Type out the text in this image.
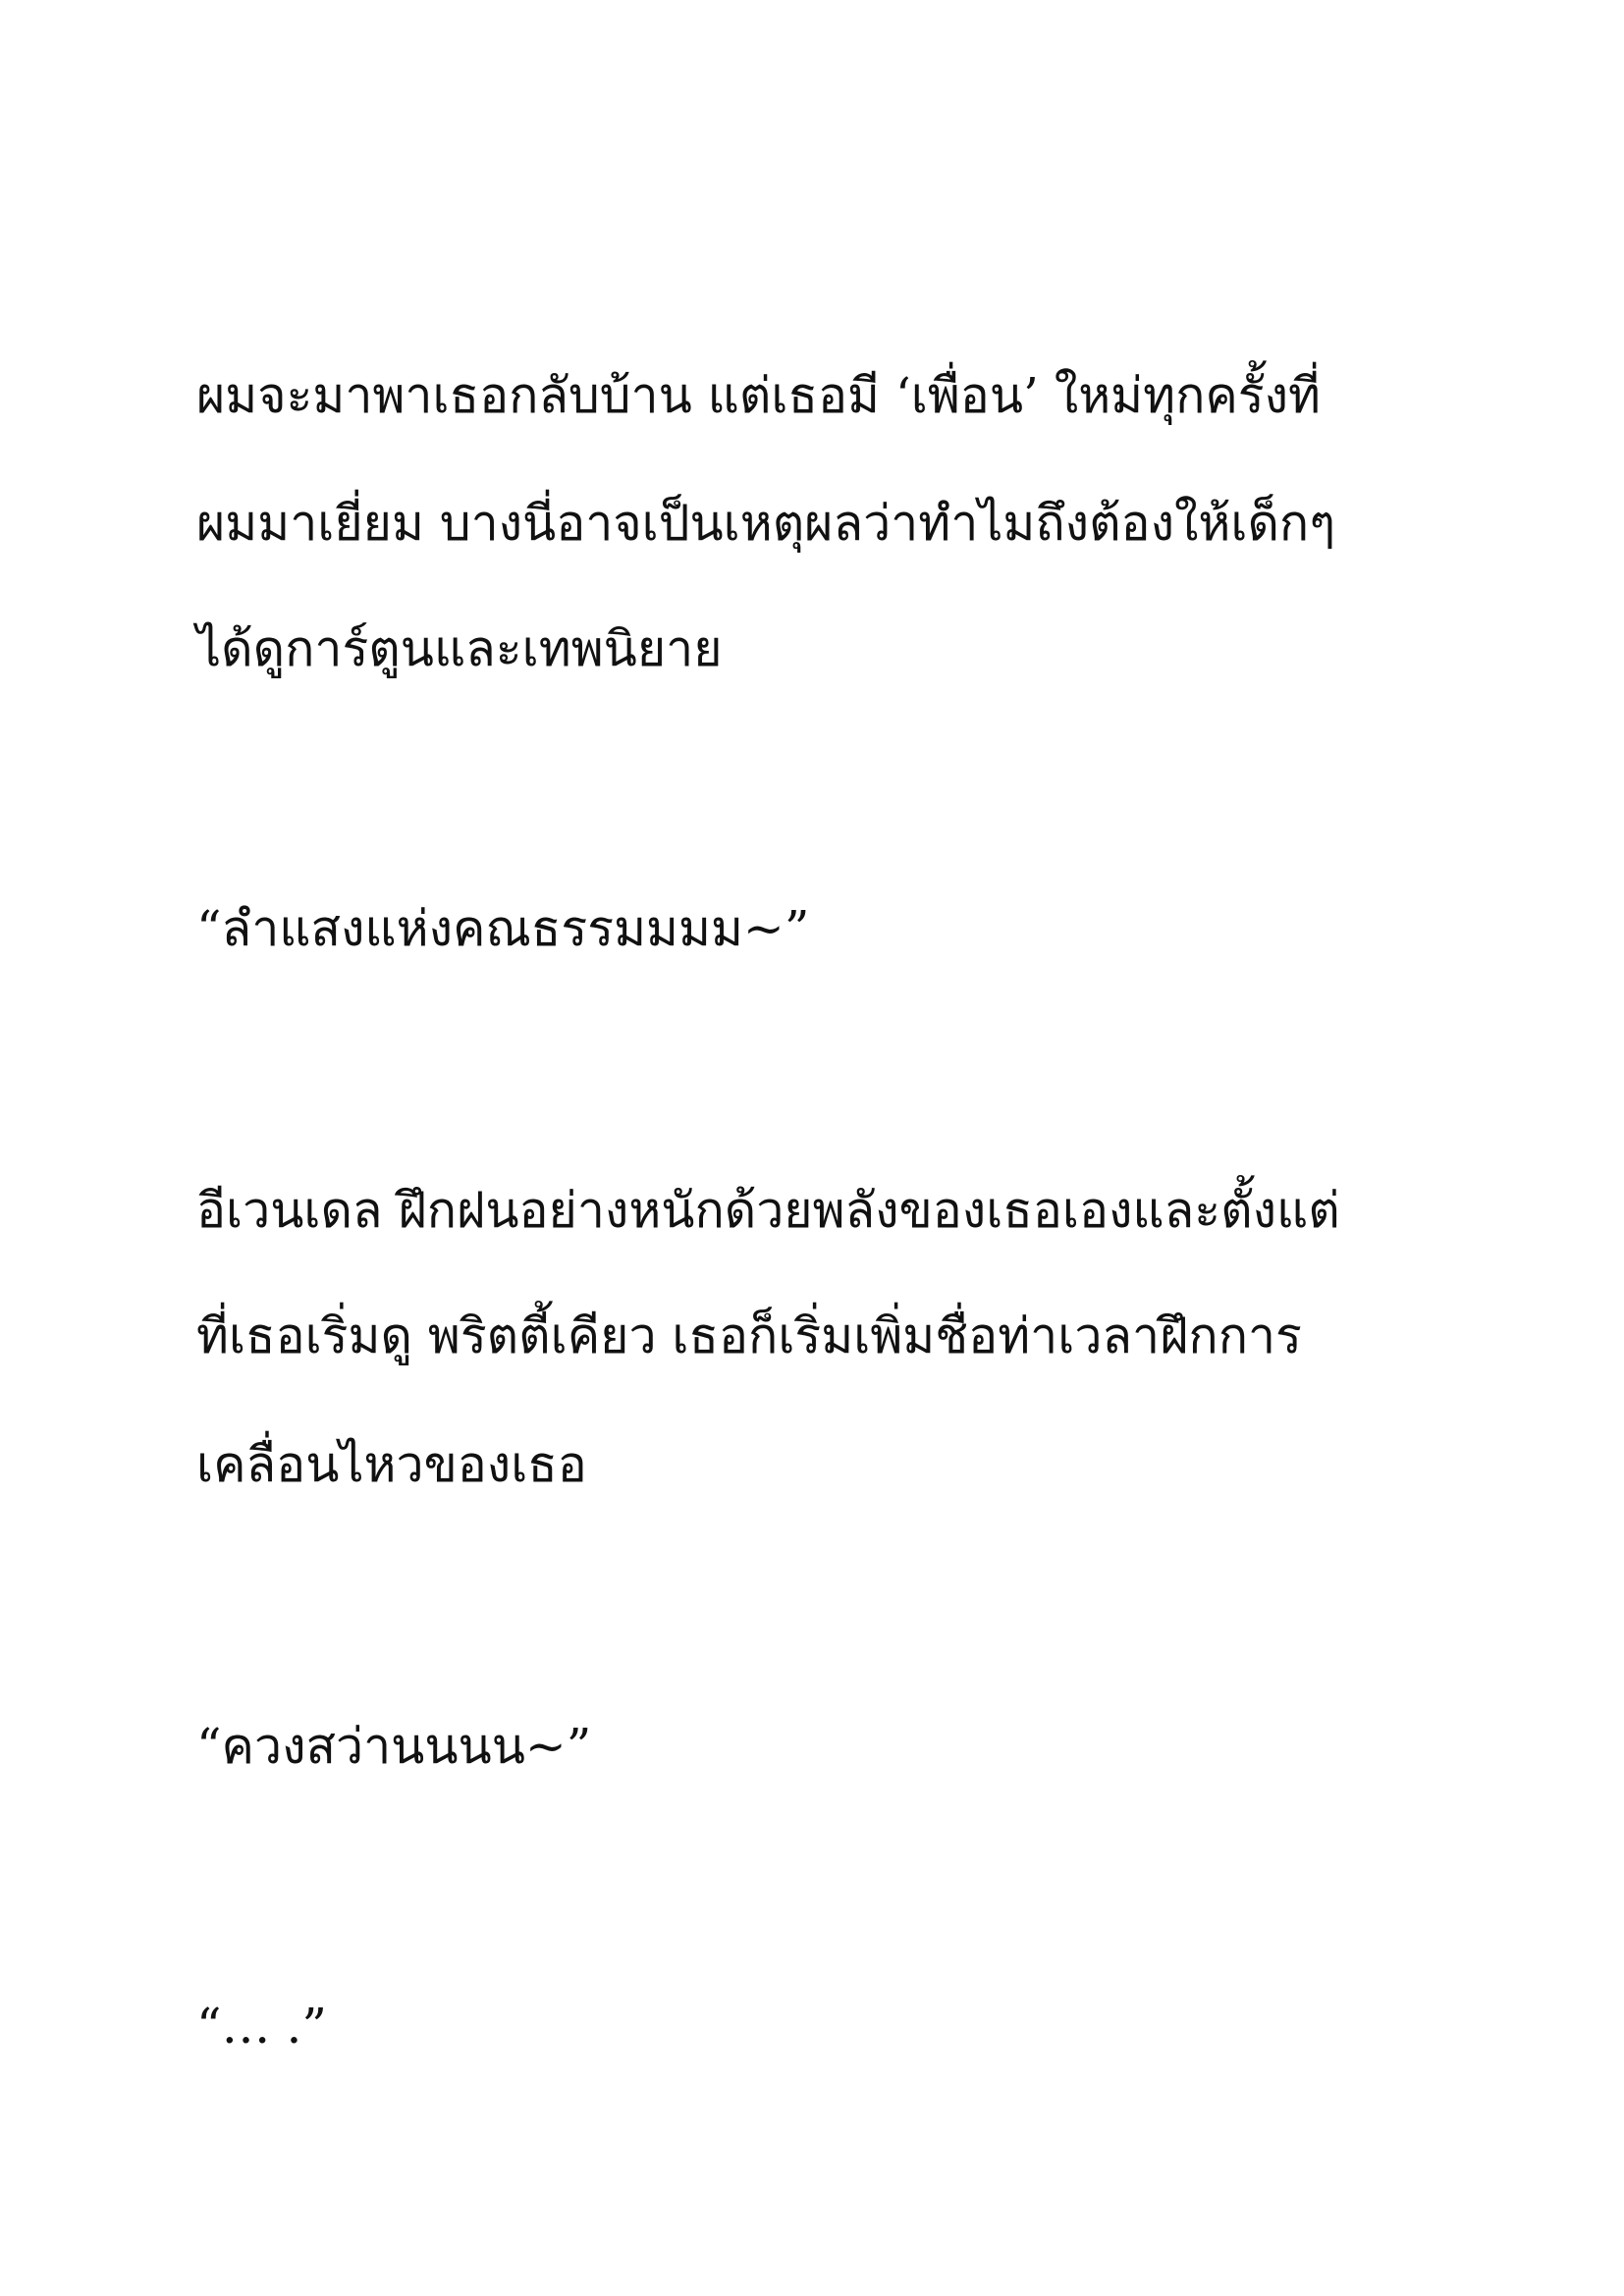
ผมจะมาพาเธอกลับบ้าน แต่เธอมี ‘เพื่อน’ ใหม่ทุกครั้งที่
ผมมาเยี่ยม บางนี่อาจเป็นเหตุผลว่าทำไมถึงต้องให้เด็กๆ
ได้ดูการ์ตูนและเทพนิยาย
“ลำแสงแห่งคณธรรมมมม~”
อีเวนเดล ฝึกฝนอย่างหนักด้วยพลังของเธอเองและตั้งแต่
ที่เธอเริ่มดู พริตตี้เคียว เธอก็เริ่มเพิ่มชื่อท่าเวลาฝึกการ
เคลื่อนไหวของเธอ
“ควงสว่านนนน~”
“… .”
